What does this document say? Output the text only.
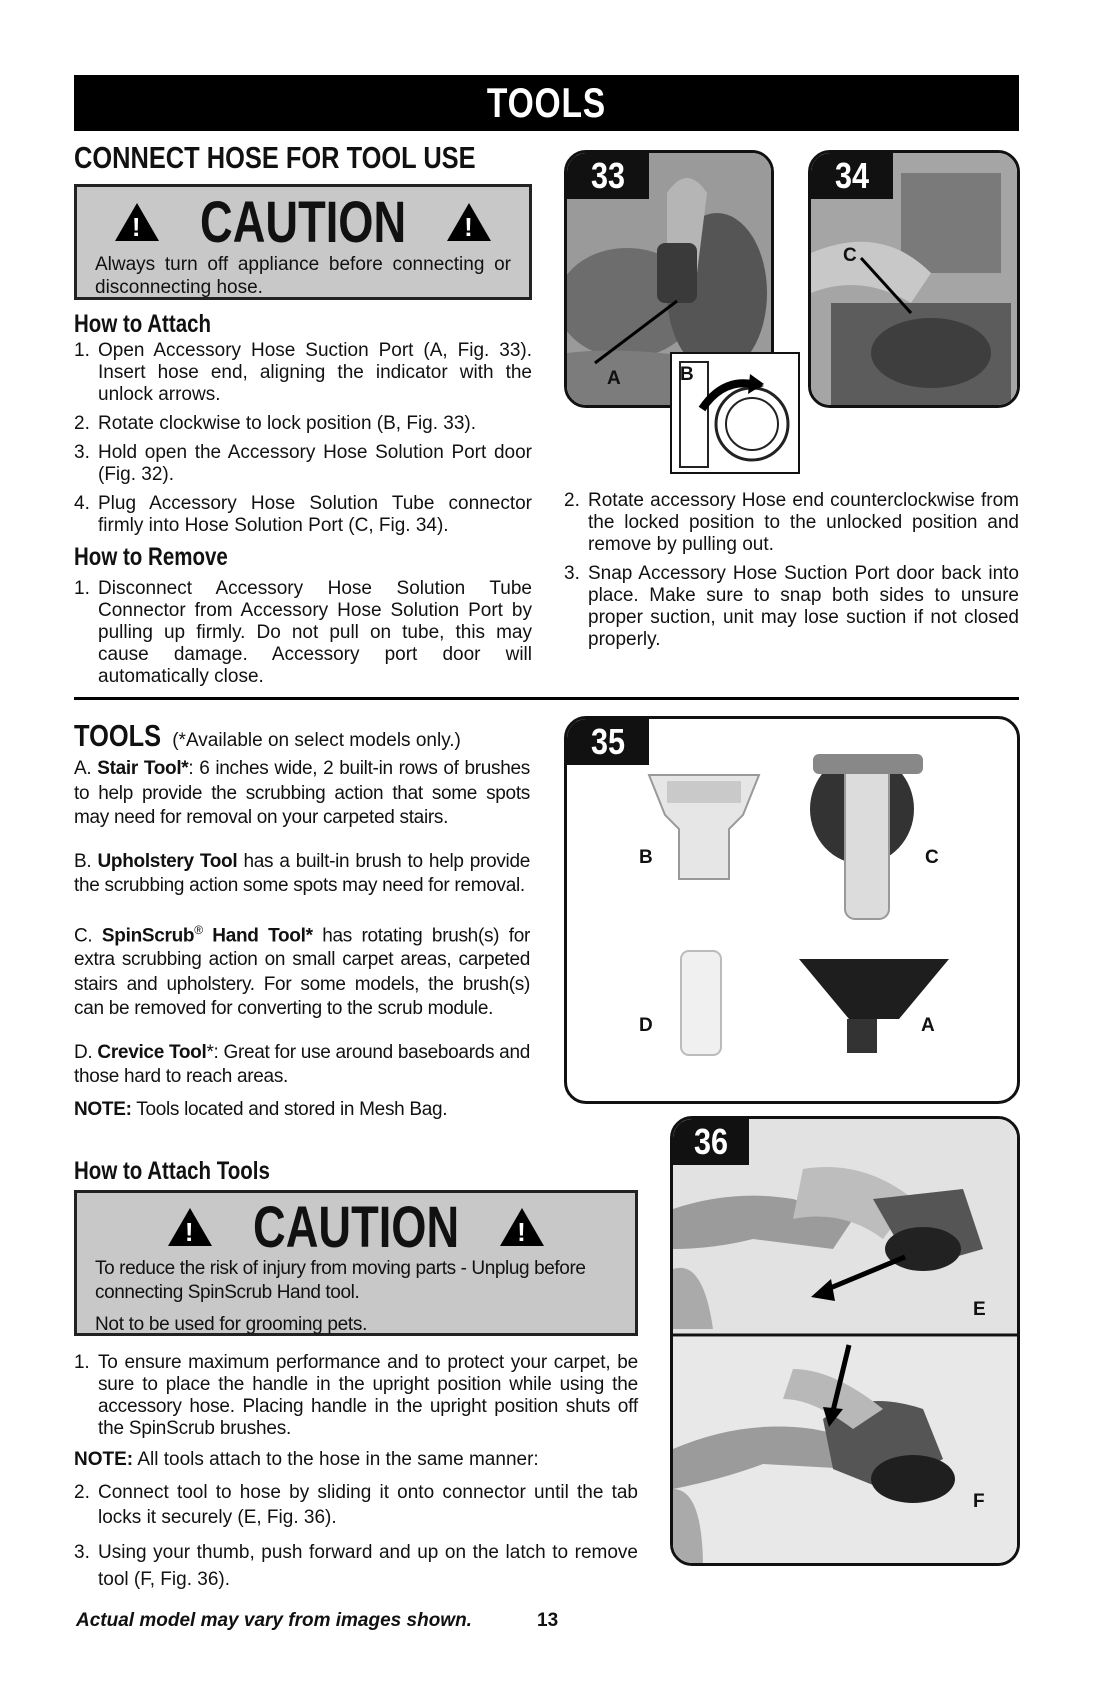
TOOLS
CONNECT HOSE FOR TOOL USE
! CAUTION !
Always turn off appliance before connecting or disconnecting hose.
How to Attach
1. Open Accessory Hose Suction Port (A, Fig. 33). Insert hose end, aligning the indicator with the unlock arrows.
2. Rotate clockwise to lock position (B, Fig. 33).
3. Hold open the Accessory Hose Solution Port door (Fig. 32).
4. Plug Accessory Hose Solution Tube connector firmly into Hose Solution Port (C, Fig. 34).
How to Remove
1. Disconnect Accessory Hose Solution Tube Connector from Accessory Hose Solution Port by pulling up firmly. Do not pull on tube, this may cause damage. Accessory port door will automatically close.
2. Rotate accessory Hose end counterclockwise from the locked position to the unlocked position and remove by pulling out.
3. Snap Accessory Hose Suction Port door back into place. Make sure to snap both sides to unsure proper suction, unit may lose suction if not closed properly.
33
A	B
34
C
TOOLS (*Available on select models only.)

A. Stair Tool*: 6 inches wide, 2 built-in rows of brushes to help provide the scrubbing action that some spots may need for removal on your carpeted stairs.

B. Upholstery Tool has a built-in brush to help provide the scrubbing action some spots may need for removal.

C. SpinScrub® Hand Tool* has rotating brush(s) for extra scrubbing action on small carpet areas, carpeted stairs and upholstery. For some models, the brush(s) can be removed for converting to the scrub module.

D. Crevice Tool*: Great for use around baseboards and those hard to reach areas.

NOTE: Tools located and stored in Mesh Bag.

How to Attach Tools
! CAUTION !
To reduce the risk of injury from moving parts - Unplug before connecting SpinScrub Hand tool.
Not to be used for grooming pets.
1. To ensure maximum performance and to protect your carpet, be sure to place the handle in the upright position while using the accessory hose. Placing handle in the upright position shuts off the SpinScrub brushes.
NOTE: All tools attach to the hose in the same manner:
2. Connect tool to hose by sliding it onto connector until the tab locks it securely (E, Fig. 36).
3. Using your thumb, push forward and up on the latch to remove tool (F, Fig. 36).
35
B	C
D	A
36
E
F
Actual model may vary from images shown.	13
